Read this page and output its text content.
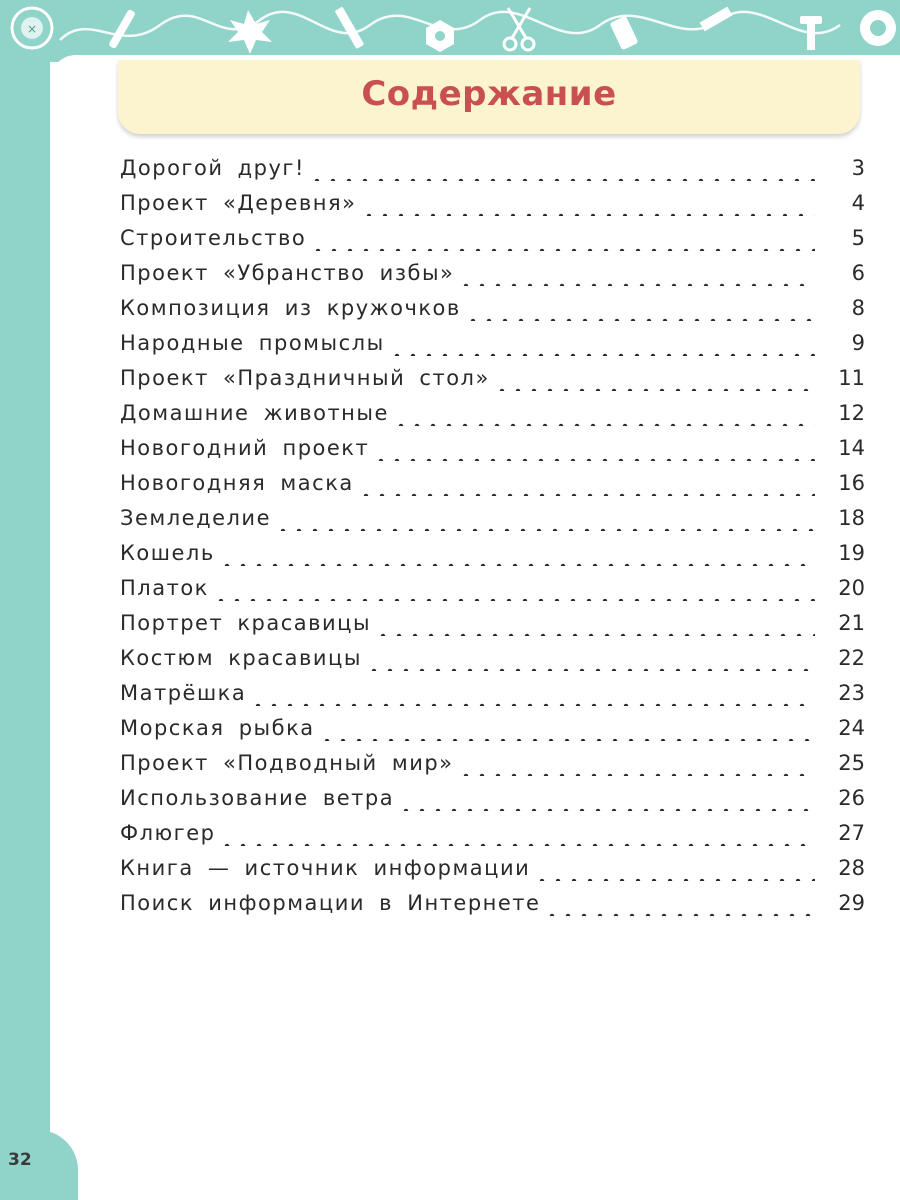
×
Содержание
Дорогой друг!	3
Проект «Деревня»	4
Строительство	5
Проект «Убранство избы»	6
Композиция из кружочков	8
Народные промыслы	9
Проект «Праздничный стол»	11
Домашние животные	12
Новогодний проект	14
Новогодняя маска	16
Земледелие	18
Кошель	19
Платок	20
Портрет красавицы	21
Костюм красавицы	22
Матрёшка	23
Морская рыбка	24
Проект «Подводный мир»	25
Использование ветра	26
Флюгер	27
Книга — источник информации	28
Поиск информации в Интернете	29
32
